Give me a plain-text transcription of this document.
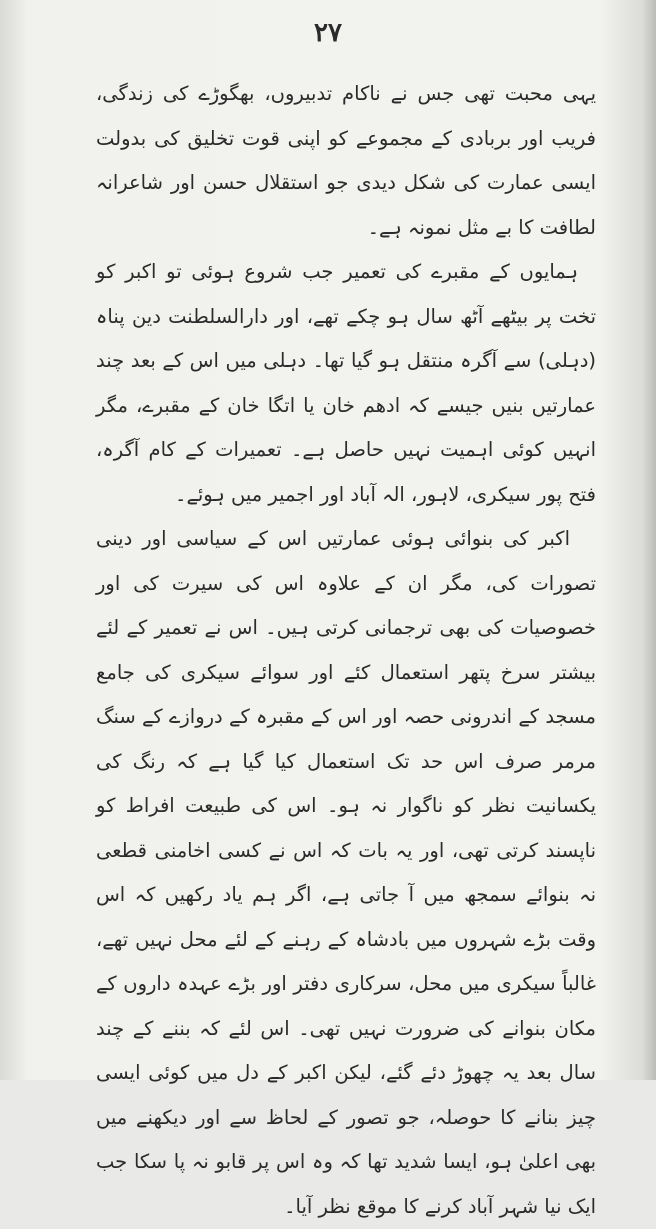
۲۷

یہی محبت تھی جس نے ناکام تدبیروں، بھگوڑے کی زندگی، فریب اور بربادی کے مجموعے کو اپنی قوت تخلیق کی بدولت ایسی عمارت کی شکل دیدی جو استقلال حسن اور شاعرانہ لطافت کا بے مثل نمونہ ہے۔

ہمایوں کے مقبرے کی تعمیر جب شروع ہوئی تو اکبر کو تخت پر بیٹھے آٹھ سال ہو چکے تھے، اور دارالسلطنت دین پناہ (دہلی) سے آگرہ منتقل ہو گیا تھا۔ دہلی میں اس کے بعد چند عمارتیں بنیں جیسے کہ ادھم خان یا اتگا خان کے مقبرے، مگر انہیں کوئی اہمیت نہیں حاصل ہے۔ تعمیرات کے کام آگرہ، فتح پور سیکری، لاہور، الہ آباد اور اجمیر میں ہوئے۔

اکبر کی بنوائی ہوئی عمارتیں اس کے سیاسی اور دینی تصورات کی، مگر ان کے علاوہ اس کی سیرت کی اور خصوصیات کی بھی ترجمانی کرتی ہیں۔ اس نے تعمیر کے لئے بیشتر سرخ پتھر استعمال کئے اور سوائے سیکری کی جامع مسجد کے اندرونی حصہ اور اس کے مقبرہ کے دروازے کے سنگ مرمر صرف اس حد تک استعمال کیا گیا ہے کہ رنگ کی یکسانیت نظر کو ناگوار نہ ہو۔ اس کی طبیعت افراط کو ناپسند کرتی تھی، اور یہ بات کہ اس نے کسی اخامنی قطعی نہ بنوائے سمجھ میں آ جاتی ہے، اگر ہم یاد رکھیں کہ اس وقت بڑے شہروں میں بادشاہ کے رہنے کے لئے محل نہیں تھے، غالباً سیکری میں محل، سرکاری دفتر اور بڑے عہدہ داروں کے مکان بنوانے کی ضرورت نہیں تھی۔ اس لئے کہ بننے کے چند سال بعد یہ چھوڑ دئے گئے، لیکن اکبر کے دل میں کوئی ایسی چیز بنانے کا حوصلہ، جو تصور کے لحاظ سے اور دیکھنے میں بھی اعلیٰ ہو، ایسا شدید تھا کہ وہ اس پر قابو نہ پا سکا جب ایک نیا شہر آباد کرنے کا موقع نظر آیا۔
